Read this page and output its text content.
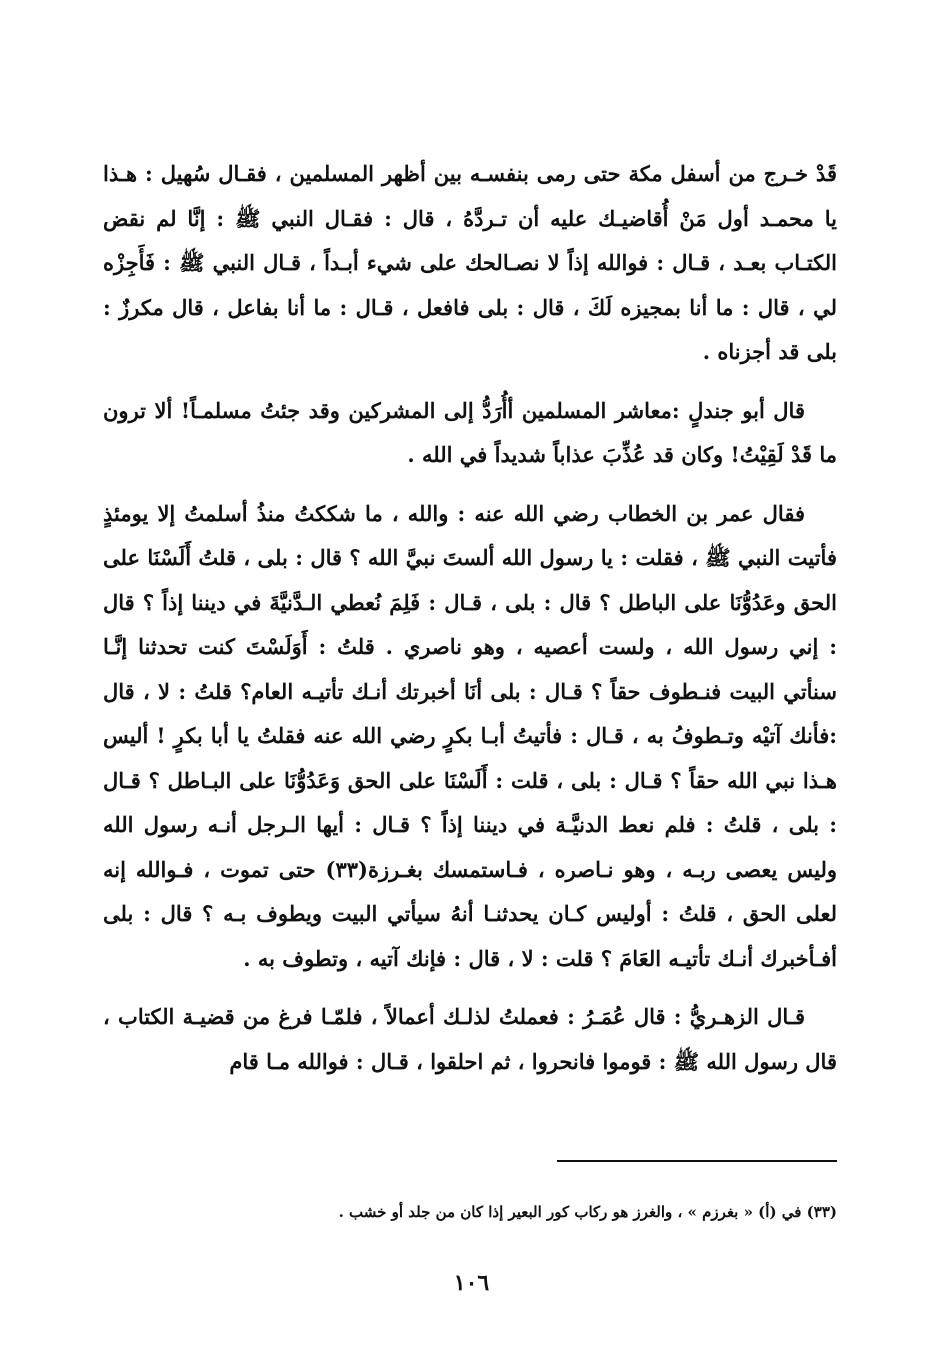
قَدْ خـرج من أسفل مكة حتى رمى بنفسـه بين أظهر المسلمين ، فقـال سُهيل : هـذا يا محمـد أول مَنْ أُقاضيـك عليه أن تـردَّهُ ، قال : فقـال النبي ﷺ : إنَّا لم نقض الكتـاب بعـد ، قـال : فوالله إذاً لا نصـالحك على شيء أبـداً ، قـال النبي ﷺ : فَأَجِزْه لي ، قال : ما أنا بمجيزه لَكَ ، قال : بلى فافعل ، قـال : ما أنا بفاعل ، قال مكرزٌ : بلى قد أجزناه .

قال أبو جندلٍ :معاشر المسلمين أأُرَدُّ إلى المشركين وقد جئتُ مسلمـاً! ألا ترون ما قَدْ لَقِيْتُ! وكان قد عُذِّبَ عذاباً شديداً في الله .

فقال عمر بن الخطاب رضي الله عنه : والله ، ما شككتُ منذُ أسلمتُ إلا يومئذٍ فأتيت النبي ﷺ ، فقلت : يا رسول الله ألستَ نبيَّ الله ؟ قال : بلى ، قلتُ أَلَسْنَا على الحق وعَدُوُّنَا على الباطل ؟ قال : بلى ، قـال : فَلِمَ نُعطي الـدَّنيَّةَ في ديننا إذاً ؟ قال : إني رسول الله ، ولست أعصيه ، وهو ناصري . قلتُ : أَوَلَسْتَ كنت تحدثنا إنَّـا سنأتي البيت فنـطوف حقاً ؟ قـال : بلى أنَا أخبرتك أنـك تأتيـه العام؟ قلتُ : لا ، قال :فأنك آتيْه وتـطوفُ به ، قـال : فأتيتُ أبـا بكرٍ رضي الله عنه فقلتُ يا أبا بكرٍ ! أليس هـذا نبي الله حقاً ؟ قـال : بلى ، قلت : أَلَسْنَا على الحق وَعَدُوُّنَا على البـاطل ؟ قـال : بلى ، قلتُ : فلم نعط الدنيَّـة في ديننا إذاً ؟ قـال : أيها الـرجل أنـه رسول الله وليس يعصى ربـه ، وهو نـاصره ، فـاستمسك بغـرزة(٣٣) حتى تموت ، فـوالله إنه لعلى الحق ، قلتُ : أوليس كـان يحدثنـا أنهُ سيأتي البيت ويطوف بـه ؟ قال : بلى أفـأخبرك أنـك تأتيـه العَامَ ؟ قلت : لا ، قال : فإنك آتيه ، وتطوف به .

قـال الزهـريُّ : قال عُمَـرُ : فعملتُ لذلـك أعمالاً ، فلمّـا فرغ من قضيـة الكتاب ، قال رسول الله ﷺ : قوموا فانحروا ، ثم احلقوا ، قـال : فوالله مـا قام

(٣٣) في (أ) « بغرزم » ، والغرز هو ركاب كور البعير إذا كان من جلد أو خشب .
١٠٦
